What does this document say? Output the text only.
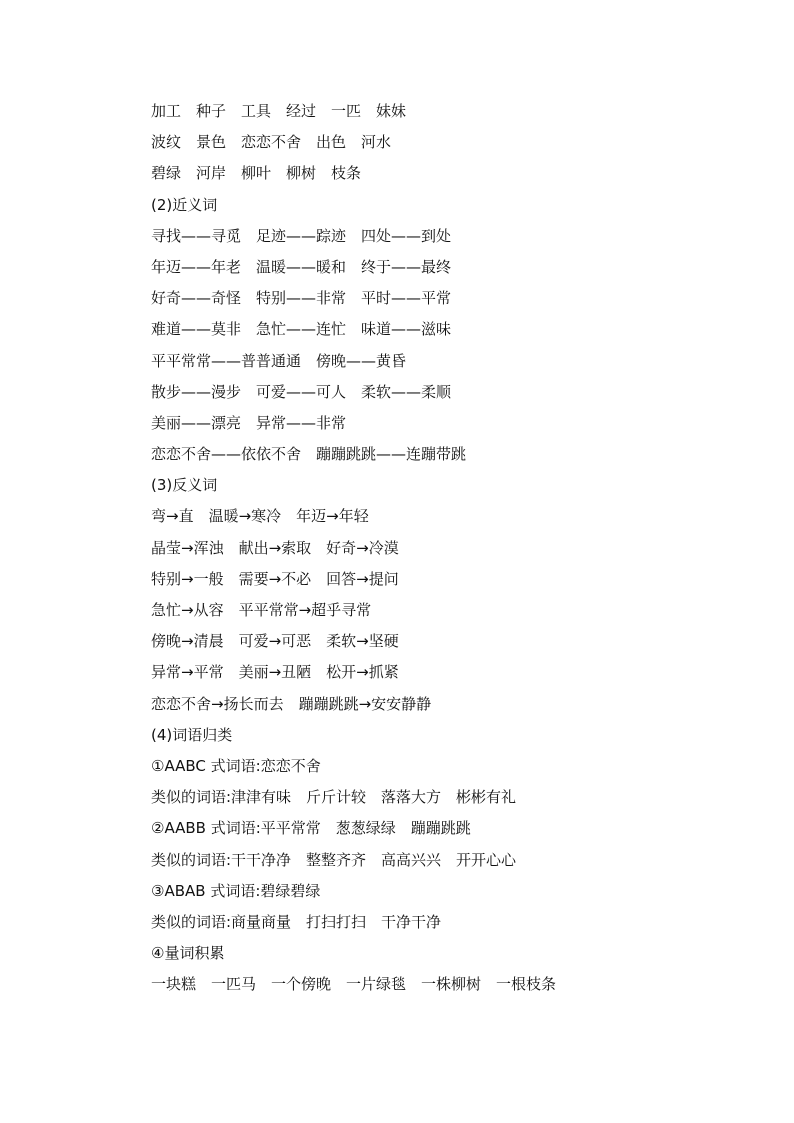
加工　种子　工具　经过　一匹　妹妹
波纹　景色　恋恋不舍　出色　河水
碧绿　河岸　柳叶　柳树　枝条
(2)近义词
寻找——寻觅　足迹——踪迹　四处——到处
年迈——年老　温暖——暖和　终于——最终
好奇——奇怪　特别——非常　平时——平常
难道——莫非　急忙——连忙　味道——滋味
平平常常——普普通通　傍晚——黄昏
散步——漫步　可爱——可人　柔软——柔顺
美丽——漂亮　异常——非常
恋恋不舍——依依不舍　蹦蹦跳跳——连蹦带跳
(3)反义词
弯→直　温暖→寒冷　年迈→年轻
晶莹→浑浊　献出→索取　好奇→冷漠
特别→一般　需要→不必　回答→提问
急忙→从容　平平常常→超乎寻常
傍晚→清晨　可爱→可恶　柔软→坚硬
异常→平常　美丽→丑陋　松开→抓紧
恋恋不舍→扬长而去　蹦蹦跳跳→安安静静
(4)词语归类
①AABC 式词语:恋恋不舍
类似的词语:津津有味　斤斤计较　落落大方　彬彬有礼
②AABB 式词语:平平常常　葱葱绿绿　蹦蹦跳跳
类似的词语:干干净净　整整齐齐　高高兴兴　开开心心
③ABAB 式词语:碧绿碧绿
类似的词语:商量商量　打扫打扫　干净干净
④量词积累
一块糕　一匹马　一个傍晚　一片绿毯　一株柳树　一根枝条
